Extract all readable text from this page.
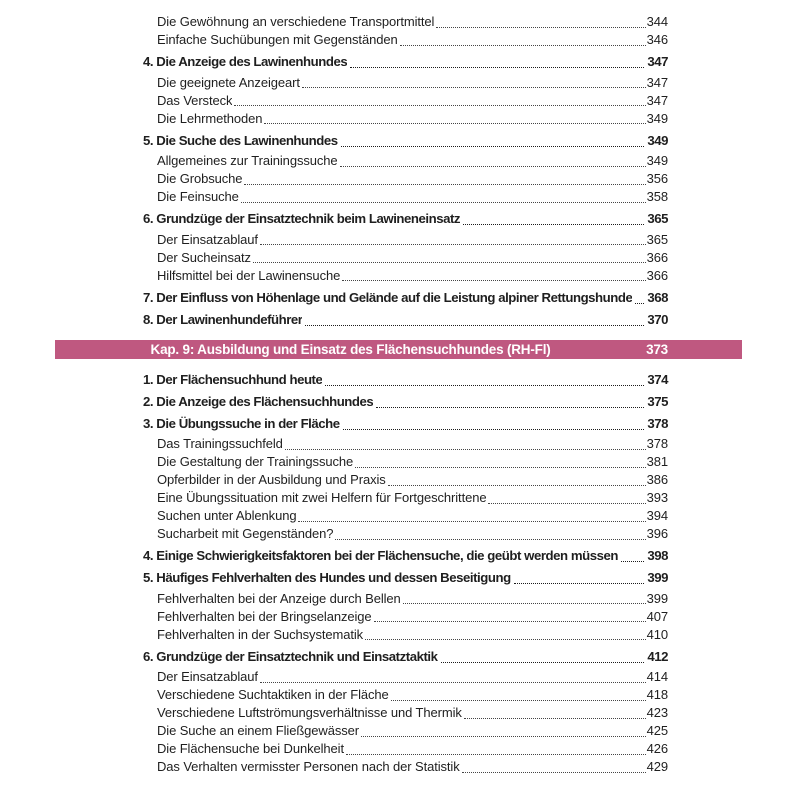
Die Gewöhnung an verschiedene Transportmittel	344
Einfache Suchübungen mit Gegenständen	346
4. Die Anzeige des Lawinenhundes	347
Die geeignete Anzeigeart	347
Das Versteck	347
Die Lehrmethoden	349
5. Die Suche des Lawinenhundes	349
Allgemeines zur Trainingssuche	349
Die Grobsuche	356
Die Feinsuche	358
6. Grundzüge der Einsatztechnik beim Lawineneinsatz	365
Der Einsatzablauf	365
Der Sucheinsatz	366
Hilfsmittel bei der Lawinensuche	366
7. Der Einfluss von Höhenlage und Gelände auf die Leistung alpiner Rettungshunde 368
8. Der Lawinenhundeführer	370
Kap. 9: Ausbildung und Einsatz des Flächensuchhundes (RH-Fl)	373
1. Der Flächensuchhund heute	374
2. Die Anzeige des Flächensuchhundes	375
3. Die Übungssuche in der Fläche	378
Das Trainingssuchfeld	378
Die Gestaltung der Trainingssuche	381
Opferbilder in der Ausbildung und Praxis	386
Eine Übungssituation mit zwei Helfern für Fortgeschrittene	393
Suchen unter Ablenkung	394
Sucharbeit mit Gegenständen?	396
4. Einige Schwierigkeitsfaktoren bei der Flächensuche, die geübt werden müssen 398
5. Häufiges Fehlverhalten des Hundes und dessen Beseitigung	399
Fehlverhalten bei der Anzeige durch Bellen	399
Fehlverhalten bei der Bringselanzeige	407
Fehlverhalten in der Suchsystematik	410
6. Grundzüge der Einsatztechnik und Einsatztaktik	412
Der Einsatzablauf	414
Verschiedene Suchtaktiken in der Fläche	418
Verschiedene Luftströmungsverhältnisse und Thermik	423
Die Suche an einem Fließgewässer	425
Die Flächensuche bei Dunkelheit	426
Das Verhalten vermisster Personen nach der Statistik	429
